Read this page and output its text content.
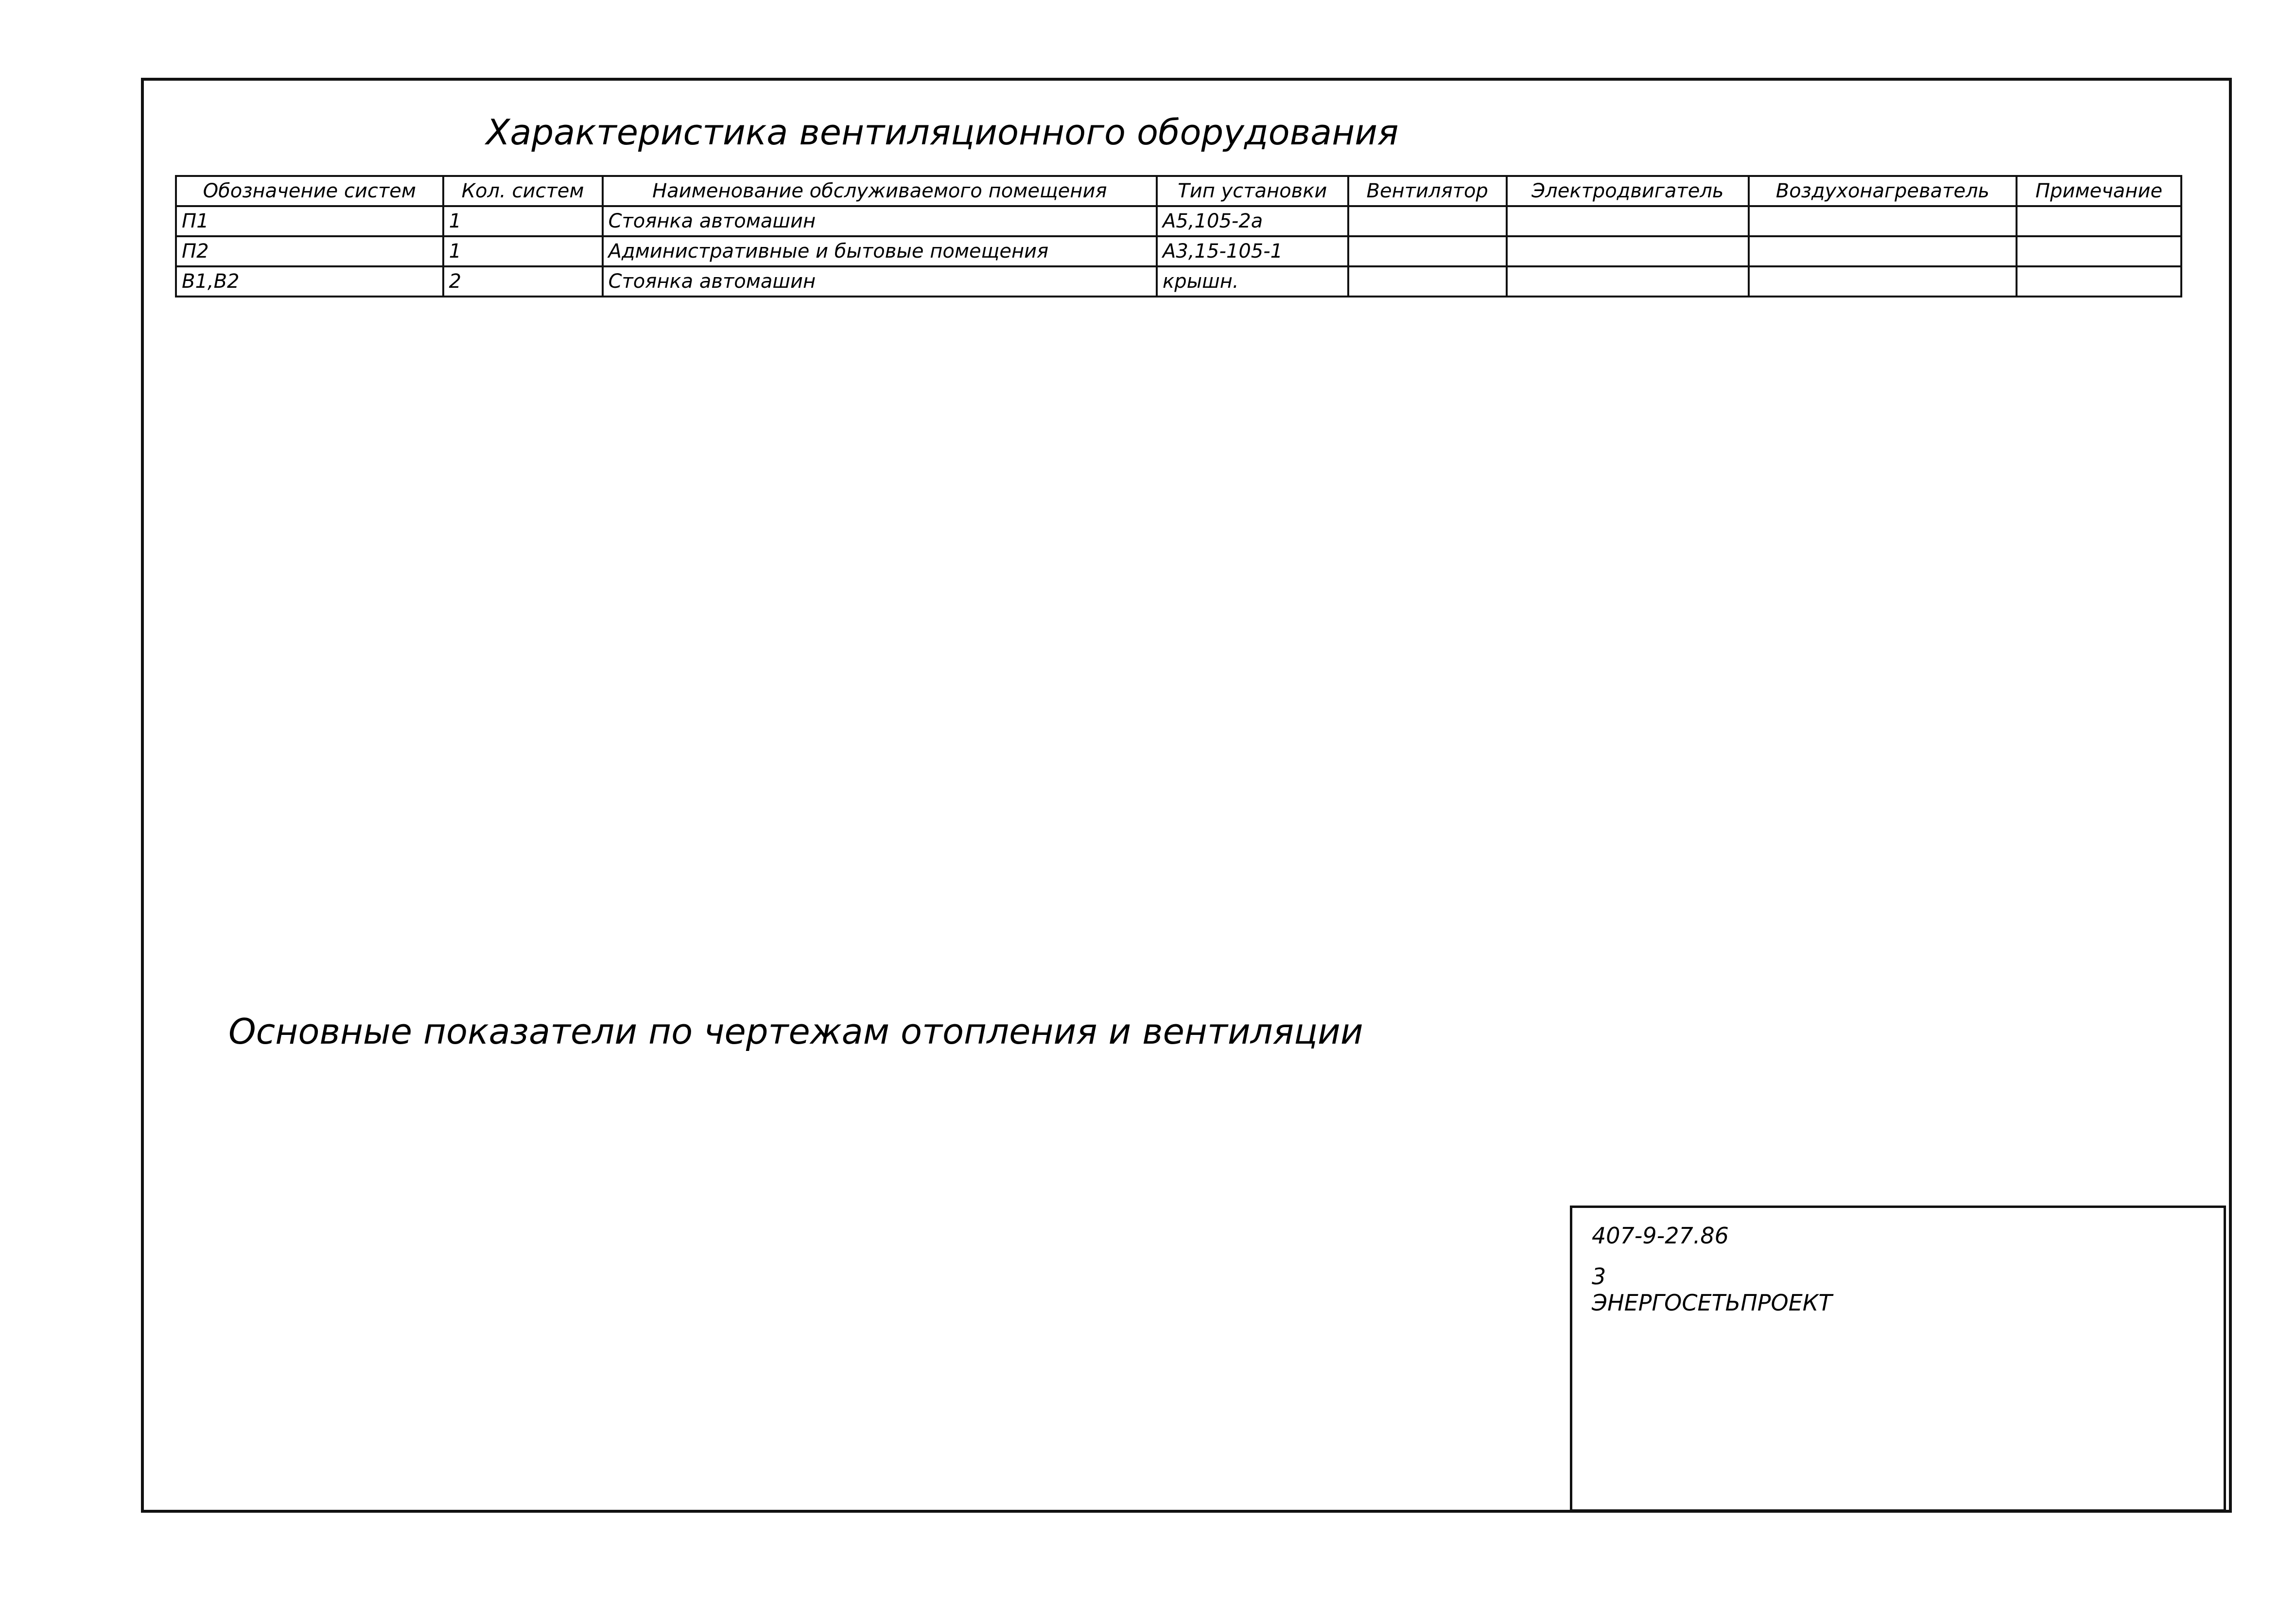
Характеристика вентиляционного оборудования
Обозначение систем	Кол. систем	Наименование обслуживаемого помещения	Тип установки	Вентилятор	Электродвигатель	Воздухонагреватель	Примечание
П1	1	Стоянка автомашин	А5,105-2а				
П2	1	Административные и бытовые помещения	А3,15-105-1				
В1,В2	2	Стоянка автомашин	крышн.				
Основные показатели по чертежам отопления и вентиляции
407-9-27.86
3
ЭНЕРГОСЕТЬПРОЕКТ
